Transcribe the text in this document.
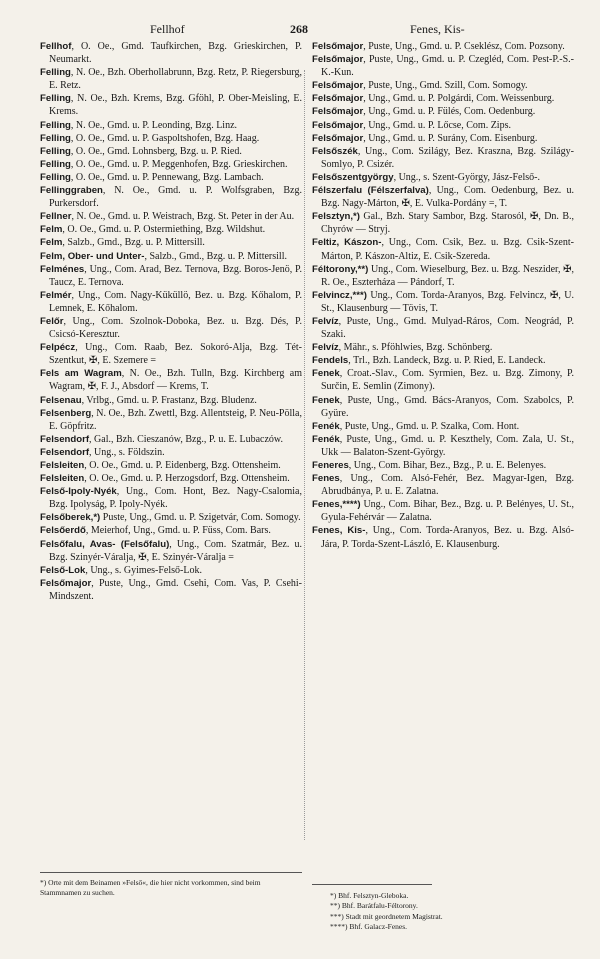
Fellhof	268	Fenes, Kis-

Fellhof, O. Oe., Gmd. Taufkirchen, Bzg. Grieskirchen, P. Neumarkt.

Felling, N. Oe., Bzh. Oberhollabrunn, Bzg. Retz, P. Riegersburg, E. Retz.

Felling, N. Oe., Bzh. Krems, Bzg. Gföhl, P. Ober-Meisling, E. Krems.

Felling, N. Oe., Gmd. u. P. Leonding, Bzg. Linz.

Felling, O. Oe., Gmd. u. P. Gaspoltshofen, Bzg. Haag.

Felling, O. Oe., Gmd. Lohnsberg, Bzg. u. P. Ried.

Felling, O. Oe., Gmd. u. P. Meggenhofen, Bzg. Grieskirchen.

Felling, O. Oe., Gmd. u. P. Pennewang, Bzg. Lambach.

Fellinggraben, N. Oe., Gmd. u. P. Wolfsgraben, Bzg. Purkersdorf.

Fellner, N. Oe., Gmd. u. P. Weistrach, Bzg. St. Peter in der Au.

Felm, O. Oe., Gmd. u. P. Ostermiething, Bzg. Wildshut.

Felm, Salzb., Gmd., Bzg. u. P. Mittersill.

Felm, Ober- und Unter-, Salzb., Gmd., Bzg. u. P. Mittersill.

Felménes, Ung., Com. Arad, Bez. Ternova, Bzg. Boros-Jenö, P. Taucz, E. Ternova.

Felmér, Ung., Com. Nagy-Küküllö, Bez. u. Bzg. Kőhalom, P. Lemnek, E. Kőhalom.

Felőr, Ung., Com. Szolnok-Doboka, Bez. u. Bzg. Dés, P. Csicsó-Keresztur.

Felpécz, Ung., Com. Raab, Bez. Sokoró-Alja, Bzg. Tét-Szentkut, ✠, E. Szemere =

Fels am Wagram, N. Oe., Bzh. Tulln, Bzg. Kirchberg am Wagram, ✠, F. J., Absdorf — Krems, T.

Felsenau, Vrlbg., Gmd. u. P. Frastanz, Bzg. Bludenz.

Felsenberg, N. Oe., Bzh. Zwettl, Bzg. Allentsteig, P. Neu-Pölla, E. Göpfritz.

Felsendorf, Gal., Bzh. Cieszanów, Bzg., P. u. E. Lubaczów.

Felsendorf, Ung., s. Földszin.

Felsleiten, O. Oe., Gmd. u. P. Eidenberg, Bzg. Ottensheim.

Felsleiten, O. Oe., Gmd. u. P. Herzogsdorf, Bzg. Ottensheim.

Felső-Ipoly-Nyék, Ung., Com. Hont, Bez. Nagy-Csalomia, Bzg. Ipolyság, P. Ipoly-Nyék.

Felsőberek,*) Puste, Ung., Gmd. u. P. Szigetvár, Com. Somogy.

Felsőerdő, Meierhof, Ung., Gmd. u. P. Füss, Com. Bars.

Felsőfalu, Avas- (Felsőfalu), Ung., Com. Szatmár, Bez. u. Bzg. Szinyér-Váralja, ✠, E. Szinyér-Váralja =

Felső-Lok, Ung., s. Gyimes-Felső-Lok.

Felsőmajor, Puste, Ung., Gmd. Csehi, Com. Vas, P. Csehi-Mindszent.

Felsőmajor, Puste, Ung., Gmd. u. P. Cseklész, Com. Pozsony.

Felsőmajor, Puste, Ung., Gmd. u. P. Czegléd, Com. Pest-P.-S.-K.-Kun.

Felsőmajor, Puste, Ung., Gmd. Szill, Com. Somogy.

Felsőmajor, Ung., Gmd. u. P. Polgárdi, Com. Weissenburg.

Felsőmajor, Ung., Gmd. u. P. Fülés, Com. Oedenburg.

Felsőmajor, Ung., Gmd. u. P. Lőcse, Com. Zips.

Felsőmajor, Ung., Gmd. u. P. Surány, Com. Eisenburg.

Felsőszék, Ung., Com. Szilágy, Bez. Kraszna, Bzg. Szilágy-Somlyo, P. Csizér.

Felsőszentgyörgy, Ung., s. Szent-György, Jász-Felső-.

Félszerfalu (Félszerfalva), Ung., Com. Oedenburg, Bez. u. Bzg. Nagy-Márton, ✠, E. Vulka-Pordány =, T.

Felsztyn,*) Gal., Bzh. Stary Sambor, Bzg. Starosól, ✠, Dn. B., Chyrów — Stryj.

Feltiz, Kászon-, Ung., Com. Csik, Bez. u. Bzg. Csik-Szent-Márton, P. Kászon-Altiz, E. Csik-Szereda.

Féltorony,**) Ung., Com. Wieselburg, Bez. u. Bzg. Neszider, ✠, R. Oe., Eszterháza — Pándorf, T.

Felvincz,***) Ung., Com. Torda-Aranyos, Bzg. Felvincz, ✠, U. St., Klausenburg — Tövis, T.

Felvíz, Puste, Ung., Gmd. Mulyad-Ráros, Com. Neográd, P. Szaki.

Felvíz, Mähr., s. Pföhlwies, Bzg. Schönberg.

Fendels, Trl., Bzh. Landeck, Bzg. u. P. Ried, E. Landeck.

Fenek, Croat.-Slav., Com. Syrmien, Bez. u. Bzg. Zimony, P. Surčin, E. Semlin (Zimony).

Fenek, Puste, Ung., Gmd. Bács-Aranyos, Com. Szabolcs, P. Gyüre.

Fenék, Puste, Ung., Gmd. u. P. Szalka, Com. Hont.

Fenék, Puste, Ung., Gmd. u. P. Keszthely, Com. Zala, U. St., Ukk — Balaton-Szent-György.

Feneres, Ung., Com. Bihar, Bez., Bzg., P. u. E. Belenyes.

Fenes, Ung., Com. Alsó-Fehér, Bez. Magyar-Igen, Bzg. Abrudbánya, P. u. E. Zalatna.

Fenes,****) Ung., Com. Bihar, Bez., Bzg. u. P. Belényes, U. St., Gyula-Fehérvár — Zalatna.

Fenes, Kis-, Ung., Com. Torda-Aranyos, Bez. u. Bzg. Alsó-Jára, P. Torda-Szent-László, E. Klausenburg.

*) Orte mit dem Beinamen »Felső«, die hier nicht vorkommen, sind beim Stammnamen zu suchen.	*) Bhf. Felsztyn-Gleboka.
**) Bhf. Barátfalu-Féltorony.
***) Stadt mit geordnetem Magistrat.
****) Bhf. Galacz-Fenes.
